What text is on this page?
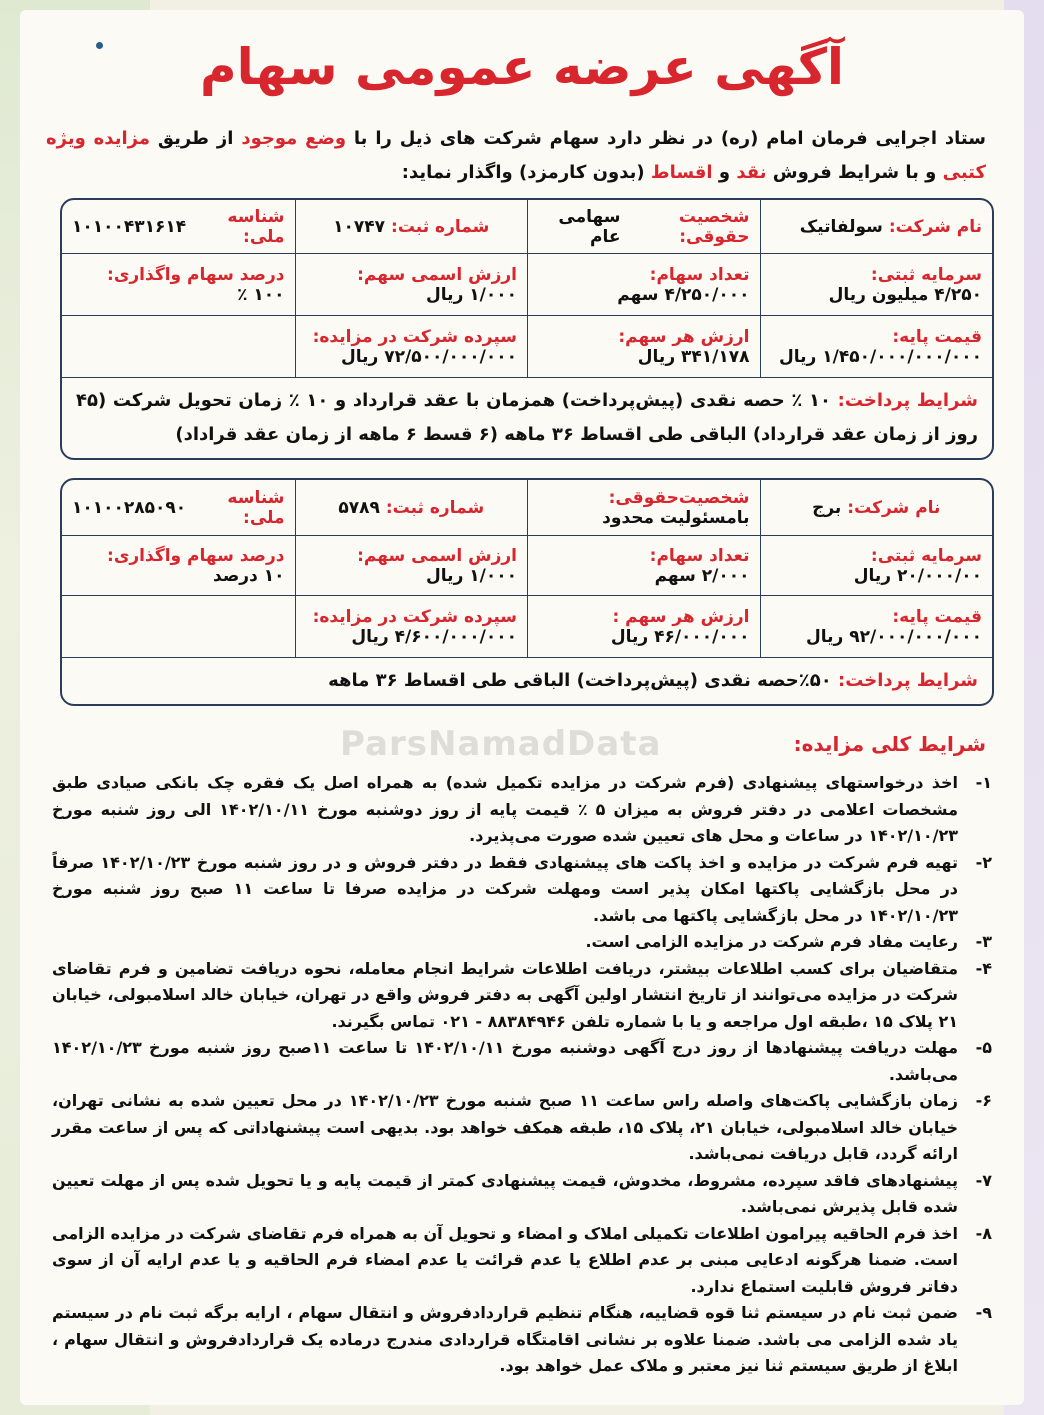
آگهی عرضه عمومی سهام
ستاد اجرایی فرمان امام (ره) در نظر دارد سهام شرکت های ذیل را با وضع موجود از طریق مزایده ویژه کتبی و با شرایط فروش نقد و اقساط (بدون کارمزد) واگذار نماید:
نام شرکت:
سولفاتیک
شخصیت حقوقی:
سهامی عام
شماره ثبت:
۱۰۷۴۷
شناسه ملی:
۱۰۱۰۰۴۳۱۶۱۴
سرمایه ثبتی:
۴/۲۵۰ میلیون ریال
تعداد سهام:
۴/۲۵۰/۰۰۰ سهم
ارزش اسمی سهم:
۱/۰۰۰ ریال
درصد سهام واگذاری:
۱۰۰ ٪
قیمت پایه:
۱/۴۵۰/۰۰۰/۰۰۰/۰۰۰ ریال
ارزش هر سهم:
۳۴۱/۱۷۸ ریال
سپرده شرکت در مزایده:
۷۲/۵۰۰/۰۰۰/۰۰۰ ریال
شرایط پرداخت: ۱۰ ٪ حصه نقدی (پیش‌پرداخت) همزمان با عقد قرارداد و ۱۰ ٪ زمان تحویل شرکت (۴۵ روز از زمان عقد قرارداد) الباقی طی اقساط ۳۶ ماهه (۶ قسط ۶ ماهه از زمان عقد قراداد)
نام شرکت:
برج
شخصیت‌حقوقی:
بامسئولیت محدود
شماره ثبت:
۵۷۸۹
شناسه ملی:
۱۰۱۰۰۲۸۵۰۹۰
سرمایه ثبتی:
۲۰/۰۰۰/۰۰ ریال
تعداد سهام:
۲/۰۰۰ سهم
ارزش اسمی سهم:
۱/۰۰۰ ریال
درصد سهام واگذاری:
۱۰ درصد
قیمت پایه:
۹۲/۰۰۰/۰۰۰/۰۰۰ ریال
ارزش هر سهم :
۴۶/۰۰۰/۰۰۰ ریال
سپرده شرکت در مزایده:
۴/۶۰۰/۰۰۰/۰۰۰ ریال
شرایط پرداخت: ۵۰٪حصه نقدی (پیش‌پرداخت) الباقی طی اقساط ۳۶ ماهه
ParsNamadData	شرایط کلی مزایده:
۱-
اخذ درخواستهای پیشنهادی (فرم شرکت در مزایده تکمیل شده) به همراه اصل یک فقره چک بانکی صیادی طبق مشخصات اعلامی در دفتر فروش به میزان ۵ ٪ قیمت پایه از روز دوشنبه مورخ ۱۴۰۲/۱۰/۱۱ الی روز شنبه مورخ ۱۴۰۲/۱۰/۲۳ در ساعات و محل های تعیین شده صورت می‌پذیرد.
۲-
تهیه فرم شرکت در مزایده و اخذ پاکت های پیشنهادی فقط در دفتر فروش و در روز شنبه مورخ ۱۴۰۲/۱۰/۲۳ صرفاً در محل بازگشایی پاکتها امکان پذیر است ومهلت شرکت در مزایده صرفا تا ساعت ۱۱ صبح روز شنبه مورخ ۱۴۰۲/۱۰/۲۳ در محل بازگشایی پاکتها می باشد.
۳-
رعایت مفاد فرم شرکت در مزایده الزامی است.
۴-
متقاضیان برای کسب اطلاعات بیشتر، دریافت اطلاعات شرایط انجام معامله، نحوه دریافت تضامین و فرم تقاضای شرکت در مزایده می‌توانند از تاریخ انتشار اولین آگهی به دفتر فروش واقع در تهران، خیابان خالد اسلامبولی، خیابان ۲۱ پلاک ۱۵ ،طبقه اول مراجعه و یا با شماره تلفن ۸۸۳۸۴۹۴۶ - ۰۲۱ تماس بگیرند.
۵-
مهلت دریافت پیشنهادها از روز درج آگهی دوشنبه مورخ ۱۴۰۲/۱۰/۱۱ تا ساعت ۱۱صبح روز شنبه مورخ ۱۴۰۲/۱۰/۲۳ می‌باشد.
۶-
زمان بازگشایی پاکت‌های واصله راس ساعت ۱۱ صبح شنبه مورخ ۱۴۰۲/۱۰/۲۳ در محل تعیین شده به نشانی تهران، خیابان خالد اسلامبولی، خیابان ۲۱، پلاک ۱۵، طبقه همکف خواهد بود. بدیهی است پیشنهاداتی که پس از ساعت مقرر ارائه گردد، قابل دریافت نمی‌باشد.
۷-
پیشنهادهای فاقد سپرده، مشروط، مخدوش، قیمت پیشنهادی کمتر از قیمت پایه و یا تحویل شده پس از مهلت تعیین شده قابل پذیرش نمی‌باشد.
۸-
اخذ فرم الحاقیه پیرامون اطلاعات تکمیلی املاک و امضاء و تحویل آن به همراه فرم تقاضای شرکت در مزایده الزامی است. ضمنا هرگونه ادعایی مبنی بر عدم اطلاع یا عدم قرائت یا عدم امضاء فرم الحاقیه و یا عدم ارایه آن از سوی دفاتر فروش قابلیت استماع ندارد.
۹-
ضمن ثبت نام در سیستم ثنا قوه قضاییه، هنگام تنظیم قراردادفروش و انتقال سهام ، ارایه برگه ثبت نام در سیستم یاد شده الزامی می باشد. ضمنا علاوه بر نشانی اقامتگاه قراردادی مندرج درماده یک قراردادفروش و انتقال سهام ، ابلاغ از طریق سیستم ثنا نیز معتبر و ملاک عمل خواهد بود.
